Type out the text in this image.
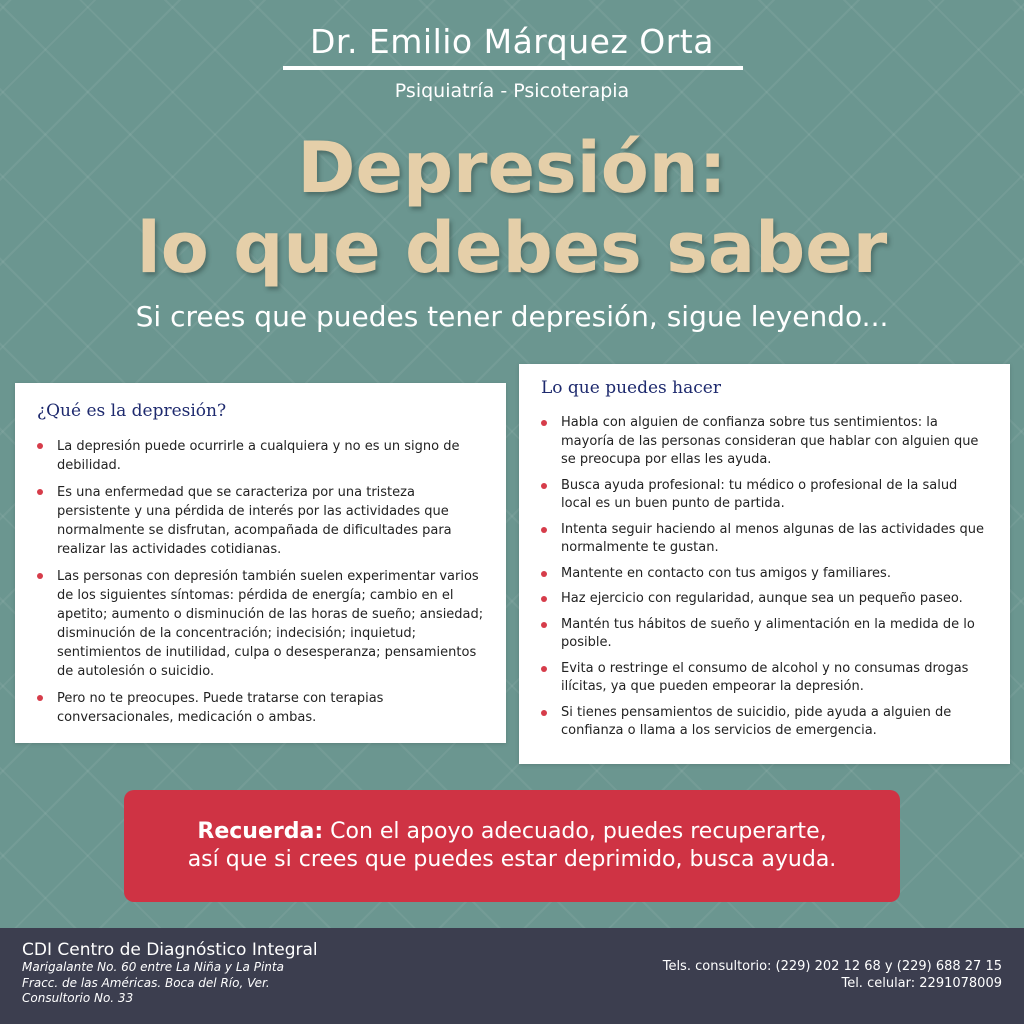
Dr. Emilio Márquez Orta
Psiquiatría - Psicoterapia
Depresión:
lo que debes saber
Si crees que puedes tener depresión, sigue leyendo...
¿Qué es la depresión?
La depresión puede ocurrirle a cualquiera y no es un signo de debilidad.
Es una enfermedad que se caracteriza por una tristeza persistente y una pérdida de interés por las actividades que normalmente se disfrutan, acompañada de dificultades para realizar las actividades cotidianas.
Las personas con depresión también suelen experimentar varios de los siguientes síntomas: pérdida de energía; cambio en el apetito; aumento o disminución de las horas de sueño; ansiedad; disminución de la concentración; indecisión; inquietud; sentimientos de inutilidad, culpa o desesperanza; pensamientos de autolesión o suicidio.
Pero no te preocupes. Puede tratarse con terapias conversacionales, medicación o ambas.
Lo que puedes hacer
Habla con alguien de confianza sobre tus sentimientos: la mayoría de las personas consideran que hablar con alguien que se preocupa por ellas les ayuda.
Busca ayuda profesional: tu médico o profesional de la salud local es un buen punto de partida.
Intenta seguir haciendo al menos algunas de las actividades que normalmente te gustan.
Mantente en contacto con tus amigos y familiares.
Haz ejercicio con regularidad, aunque sea un pequeño paseo.
Mantén tus hábitos de sueño y alimentación en la medida de lo posible.
Evita o restringe el consumo de alcohol y no consumas drogas ilícitas, ya que pueden empeorar la depresión.
Si tienes pensamientos de suicidio, pide ayuda a alguien de confianza o llama a los servicios de emergencia.
Recuerda: Con el apoyo adecuado, puedes recuperarte,
así que si crees que puedes estar deprimido, busca ayuda.
CDI Centro de Diagnóstico Integral
Marigalante No. 60 entre La Niña y La Pinta
Fracc. de las Américas. Boca del Río, Ver.
Consultorio No. 33
Tels. consultorio: (229) 202 12 68 y (229) 688 27 15
Tel. celular: 2291078009
